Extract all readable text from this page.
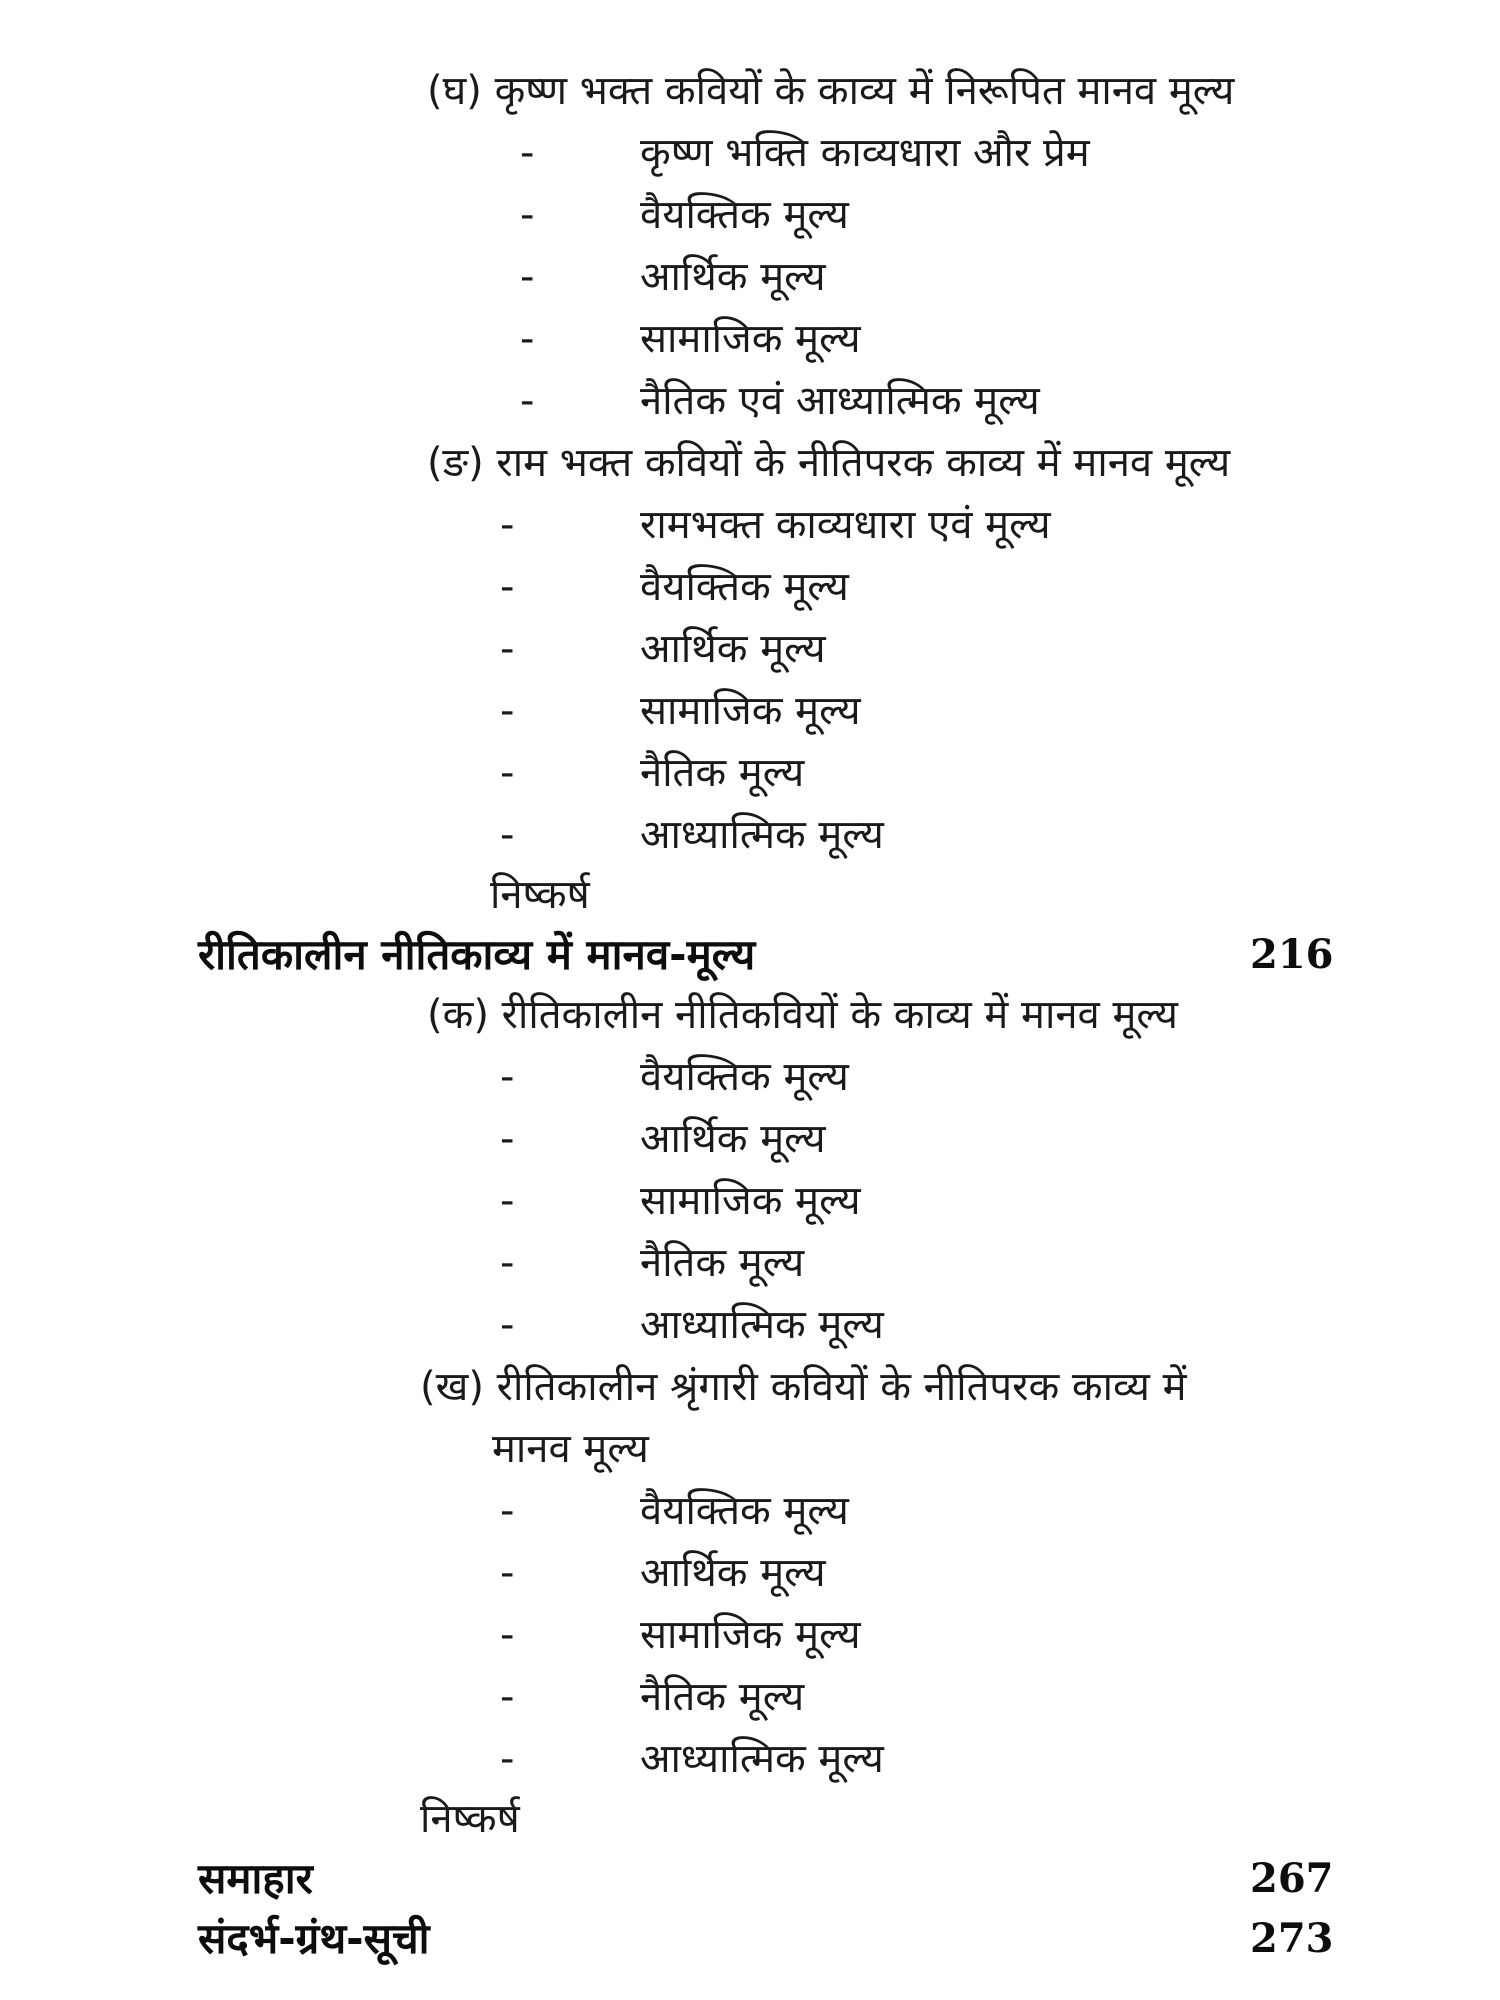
(घ) कृष्ण भक्त कवियों के काव्य में निरूपित मानव मूल्य
-	कृष्ण भक्ति काव्यधारा और प्रेम
-	वैयक्तिक मूल्य
-	आर्थिक मूल्य
-	सामाजिक मूल्य
-	नैतिक एवं आध्यात्मिक मूल्य
(ङ) राम भक्त कवियों के नीतिपरक काव्य में मानव मूल्य
-	रामभक्त काव्यधारा एवं मूल्य
-	वैयक्तिक मूल्य
-	आर्थिक मूल्य
-	सामाजिक मूल्य
-	नैतिक मूल्य
-	आध्यात्मिक मूल्य
निष्कर्ष
रीतिकालीन नीतिकाव्य में मानव-मूल्य	216
(क) रीतिकालीन नीतिकवियों के काव्य में मानव मूल्य
-	वैयक्तिक मूल्य
-	आर्थिक मूल्य
-	सामाजिक मूल्य
-	नैतिक मूल्य
-	आध्यात्मिक मूल्य
(ख) रीतिकालीन श्रृंगारी कवियों के नीतिपरक काव्य में
मानव मूल्य
-	वैयक्तिक मूल्य
-	आर्थिक मूल्य
-	सामाजिक मूल्य
-	नैतिक मूल्य
-	आध्यात्मिक मूल्य
निष्कर्ष
समाहार	267
संदर्भ-ग्रंथ-सूची	273
